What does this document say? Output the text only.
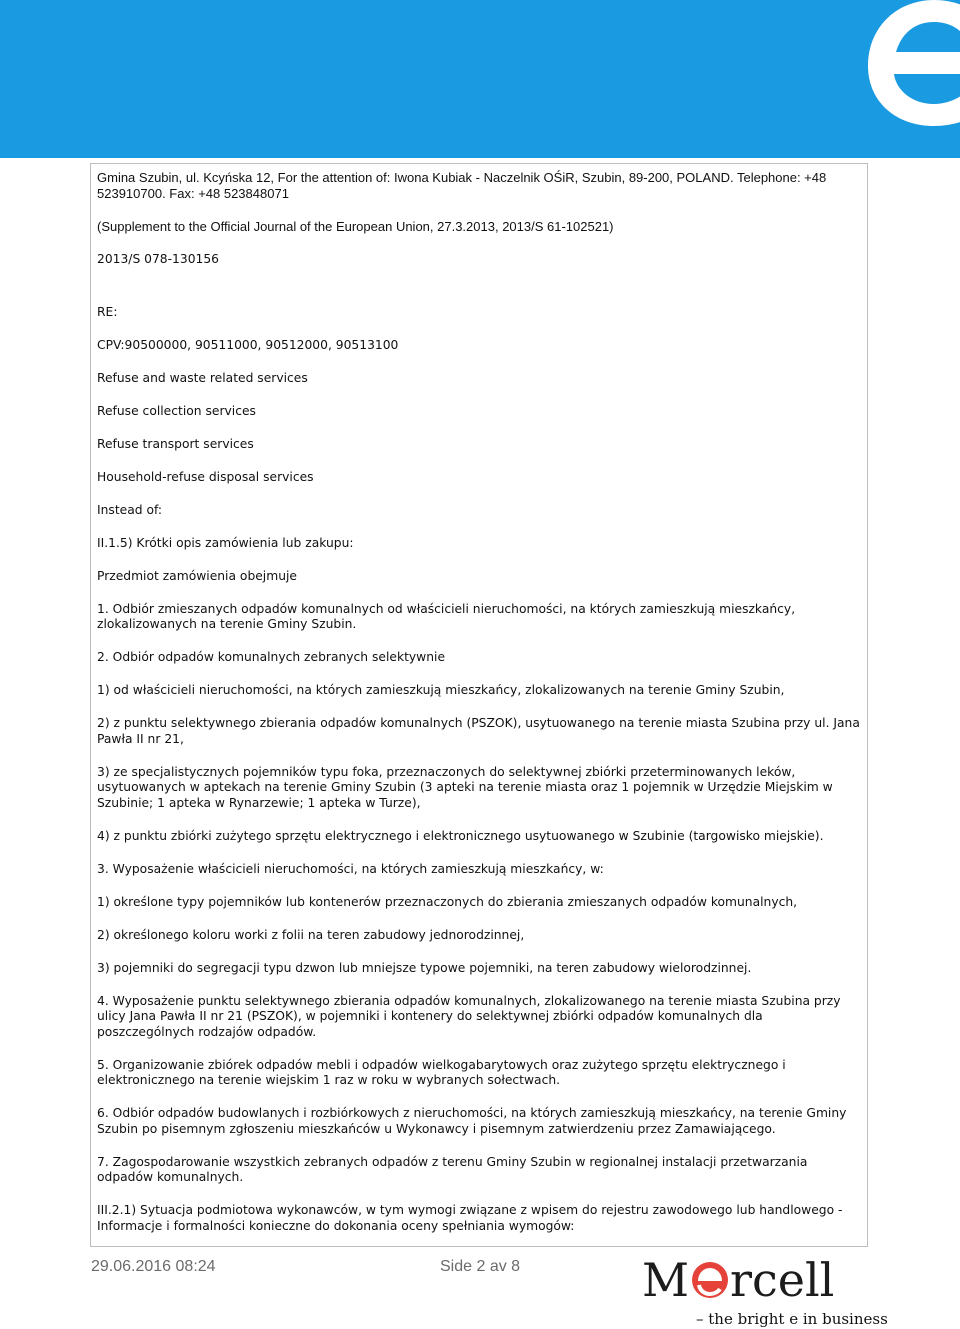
Gmina Szubin, ul. Kcyńska 12, For the attention of: Iwona Kubiak - Naczelnik OŚiR, Szubin, 89-200, POLAND. Telephone: +48 523910700. Fax: +48 523848071

(Supplement to the Official Journal of the European Union, 27.3.2013, 2013/S 61-102521)

2013/S 078-130156

RE:

CPV:90500000, 90511000, 90512000, 90513100

Refuse and waste related services

Refuse collection services

Refuse transport services

Household-refuse disposal services

Instead of:

II.1.5) Krótki opis zamówienia lub zakupu:

Przedmiot zamówienia obejmuje

1. Odbiór zmieszanych odpadów komunalnych od właścicieli nieruchomości, na których zamieszkują mieszkańcy, zlokalizowanych na terenie Gminy Szubin.

2. Odbiór odpadów komunalnych zebranych selektywnie

1) od właścicieli nieruchomości, na których zamieszkują mieszkańcy, zlokalizowanych na terenie Gminy Szubin,

2) z punktu selektywnego zbierania odpadów komunalnych (PSZOK), usytuowanego na terenie miasta Szubina przy ul. Jana Pawła II nr 21,

3) ze specjalistycznych pojemników typu foka, przeznaczonych do selektywnej zbiórki przeterminowanych leków, usytuowanych w aptekach na terenie Gminy Szubin (3 apteki na terenie miasta oraz 1 pojemnik w Urzędzie Miejskim w Szubinie; 1 apteka w Rynarzewie; 1 apteka w Turze),

4) z punktu zbiórki zużytego sprzętu elektrycznego i elektronicznego usytuowanego w Szubinie (targowisko miejskie).

3. Wyposażenie właścicieli nieruchomości, na których zamieszkują mieszkańcy, w:

1) określone typy pojemników lub kontenerów przeznaczonych do zbierania zmieszanych odpadów komunalnych,

2) określonego koloru worki z folii na teren zabudowy jednorodzinnej,

3) pojemniki do segregacji typu dzwon lub mniejsze typowe pojemniki, na teren zabudowy wielorodzinnej.

4. Wyposażenie punktu selektywnego zbierania odpadów komunalnych, zlokalizowanego na terenie miasta Szubina przy ulicy Jana Pawła II nr 21 (PSZOK), w pojemniki i kontenery do selektywnej zbiórki odpadów komunalnych dla poszczególnych rodzajów odpadów.

5. Organizowanie zbiórek odpadów mebli i odpadów wielkogabarytowych oraz zużytego sprzętu elektrycznego i elektronicznego na terenie wiejskim 1 raz w roku w wybranych sołectwach.

6. Odbiór odpadów budowlanych i rozbiórkowych z nieruchomości, na których zamieszkują mieszkańcy, na terenie Gminy Szubin po pisemnym zgłoszeniu mieszkańców u Wykonawcy i pisemnym zatwierdzeniu przez Zamawiającego.

7. Zagospodarowanie wszystkich zebranych odpadów z terenu Gminy Szubin w regionalnej instalacji przetwarzania odpadów komunalnych.

III.2.1) Sytuacja podmiotowa wykonawców, w tym wymogi związane z wpisem do rejestru zawodowego lub handlowego - Informacje i formalności konieczne do dokonania oceny spełniania wymogów:

29.06.2016 08:24	Side 2 av 8	M rcell
– the bright e in business
